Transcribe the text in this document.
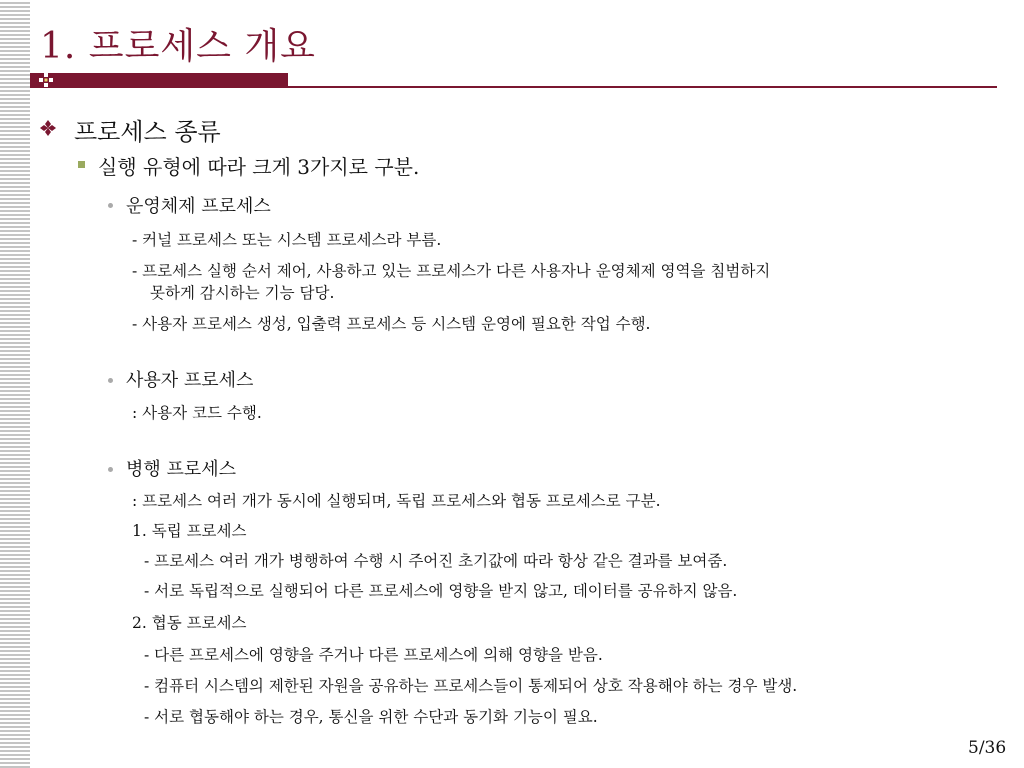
1. 프로세스 개요
프로세스 종류
실행 유형에 따라 크게 3가지로 구분.
운영체제 프로세스
- 커널 프로세스 또는 시스템 프로세스라 부름.
- 프로세스 실행 순서 제어, 사용하고 있는 프로세스가 다른 사용자나 운영체제 영역을 침범하지
못하게 감시하는 기능 담당.
- 사용자 프로세스 생성, 입출력 프로세스 등 시스템 운영에 필요한 작업 수행.
사용자 프로세스
: 사용자 코드 수행.
병행 프로세스
: 프로세스 여러 개가 동시에 실행되며, 독립 프로세스와 협동 프로세스로 구분.
1. 독립 프로세스
- 프로세스 여러 개가 병행하여 수행 시 주어진 초기값에 따라 항상 같은 결과를 보여줌.
- 서로 독립적으로 실행되어 다른 프로세스에 영향을 받지 않고, 데이터를 공유하지 않음.
2. 협동 프로세스
- 다른 프로세스에 영향을 주거나 다른 프로세스에 의해 영향을 받음.
- 컴퓨터 시스템의 제한된 자원을 공유하는 프로세스들이 통제되어 상호 작용해야 하는 경우 발생.
- 서로 협동해야 하는 경우, 통신을 위한 수단과 동기화 기능이 필요.
5/36
